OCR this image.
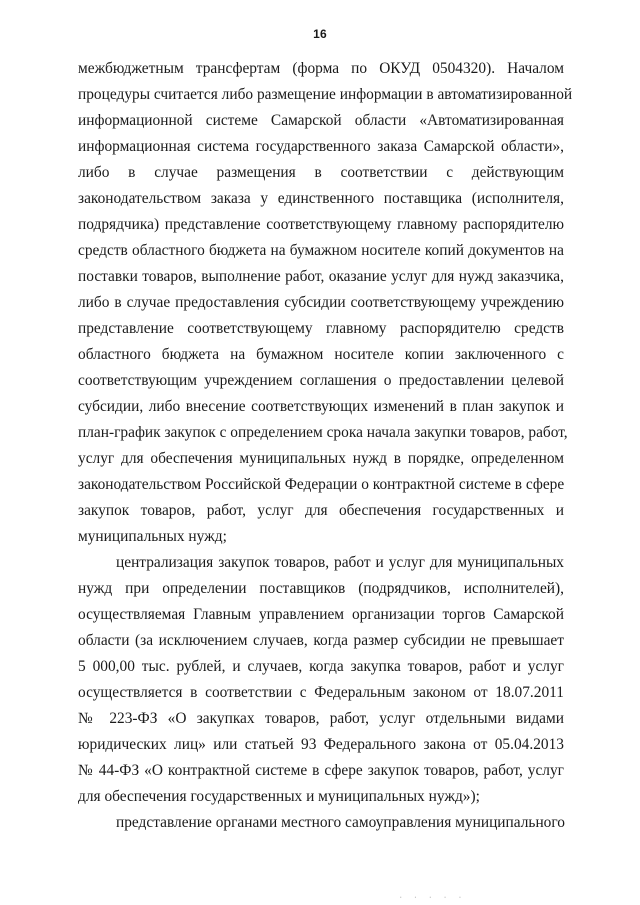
16
межбюджетным трансфертам (форма по ОКУД 0504320). Началом
процедуры считается либо размещение информации в автоматизированной
информационной системе Самарской области «Автоматизированная
информационная система государственного заказа Самарской области»,
либо в случае размещения в соответствии с действующим
законодательством заказа у единственного поставщика (исполнителя,
подрядчика) представление соответствующему главному распорядителю
средств областного бюджета на бумажном носителе копий документов на
поставки товаров, выполнение работ, оказание услуг для нужд заказчика,
либо в случае предоставления субсидии соответствующему учреждению
представление соответствующему главному распорядителю средств
областного бюджета на бумажном носителе копии заключенного с
соответствующим учреждением соглашения о предоставлении целевой
субсидии, либо внесение соответствующих изменений в план закупок и
план-график закупок с определением срока начала закупки товаров, работ,
услуг для обеспечения муниципальных нужд в порядке, определенном
законодательством Российской Федерации о контрактной системе в сфере
закупок товаров, работ, услуг для обеспечения государственных и
муниципальных нужд;
централизация закупок товаров, работ и услуг для муниципальных
нужд при определении поставщиков (подрядчиков, исполнителей),
осуществляемая Главным управлением организации торгов Самарской
области (за исключением случаев, когда размер субсидии не превышает
5 000,00 тыс. рублей, и случаев, когда закупка товаров, работ и услуг
осуществляется в соответствии с Федеральным законом от 18.07.2011
№ 223-ФЗ «О закупках товаров, работ, услуг отдельными видами
юридических лиц» или статьей 93 Федерального закона от 05.04.2013
№ 44-ФЗ «О контрактной системе в сфере закупок товаров, работ, услуг
для обеспечения государственных и муниципальных нужд»);
представление органами местного самоуправления муниципального
. . . . .
